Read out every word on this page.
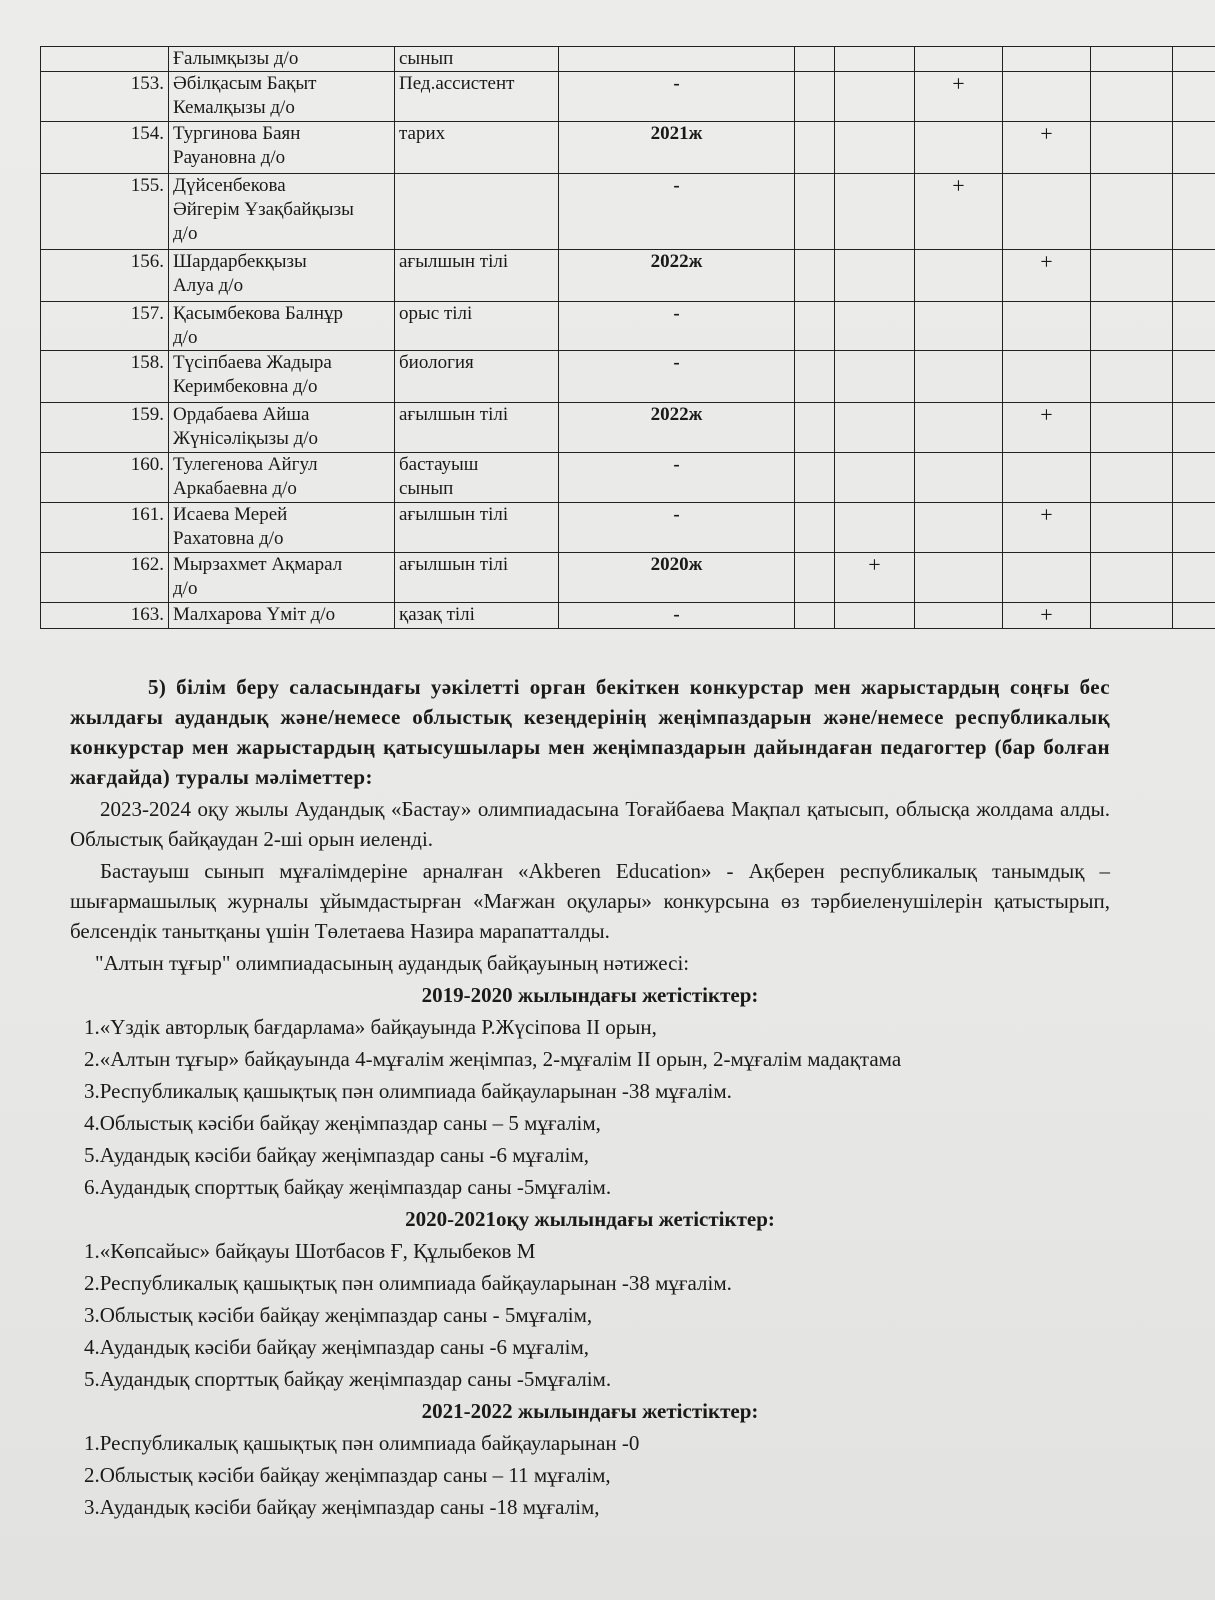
	Ғалымқызы д/о	сынып							
153.	Әбілқасым Бақыт
Кемалқызы д/о	Пед.ассистент	-			+			
154.	Тургинова Баян
Рауановна д/о	тарих	2021ж				+		
155.	Дүйсенбекова
Әйгерім Ұзақбайқызы
д/о		-			+			
156.	Шардарбекқызы
Алуа д/о	ағылшын тілі	2022ж				+		
157.	Қасымбекова Балнұр
д/о	орыс тілі	-						
158.	Түсіпбаева Жадыра
Керимбековна д/о	биология	-						
159.	Ордабаева Айша
Жүнісәліқызы д/о	ағылшын тілі	2022ж				+		
160.	Тулегенова Айгул
Аркабаевна д/о	бастауыш
сынып	-						
161.	Исаева Мерей
Рахатовна д/о	ағылшын тілі	-				+		
162.	Мырзахмет Ақмарал
д/о	ағылшын тілі	2020ж		+				
163.	Малхарова Үміт д/о	қазақ тілі	-				+		
5) білім беру саласындағы уәкілетті орган бекіткен конкурстар мен жарыстардың соңғы бес жылдағы аудандық және/немесе облыстық кезеңдерінің жеңімпаздарын және/немесе республикалық конкурстар мен жарыстардың қатысушылары мен жеңімпаздарын дайындаған педагогтер (бар болған жағдайда) туралы мәліметтер:
2023-2024 оқу жылы Аудандық «Бастау» олимпиадасына Тоғайбаева Мақпал қатысып, облысқа жолдама алды. Облыстық байқаудан 2-ші орын иеленді.
Бастауыш сынып мұғалімдеріне арналған «Akberen Education» - Ақберен республикалық танымдық – шығармашылық журналы ұйымдастырған «Мағжан оқулары» конкурсына өз тәрбиеленушілерін қатыстырып, белсендік танытқаны үшін Төлетаева Назира марапатталды.
"Алтын тұғыр" олимпиадасының аудандық байқауының нәтижесі:
2019-2020 жылындағы жетістіктер:
1.«Үздік авторлық бағдарлама» байқауында Р.Жүсіпова ІІ орын,
2.«Алтын тұғыр» байқауында 4-мұғалім жеңімпаз, 2-мұғалім ІІ орын, 2-мұғалім мадақтама
3.Республикалық қашықтық пән олимпиада байқауларынан -38 мұғалім.
4.Облыстық кәсіби байқау жеңімпаздар саны – 5 мұғалім,
5.Аудандық кәсіби байқау жеңімпаздар саны -6 мұғалім,
6.Аудандық спорттық байқау жеңімпаздар саны -5мұғалім.
2020-2021оқу жылындағы жетістіктер:
1.«Көпсайыс» байқауы Шотбасов Ғ, Құлыбеков М
2.Республикалық қашықтық пән олимпиада байқауларынан -38 мұғалім.
3.Облыстық кәсіби байқау жеңімпаздар саны - 5мұғалім,
4.Аудандық кәсіби байқау жеңімпаздар саны -6 мұғалім,
5.Аудандық спорттық байқау жеңімпаздар саны -5мұғалім.
2021-2022 жылындағы жетістіктер:
1.Республикалық қашықтық пән олимпиада байқауларынан -0
2.Облыстық кәсіби байқау жеңімпаздар саны – 11 мұғалім,
3.Аудандық кәсіби байқау жеңімпаздар саны -18 мұғалім,
